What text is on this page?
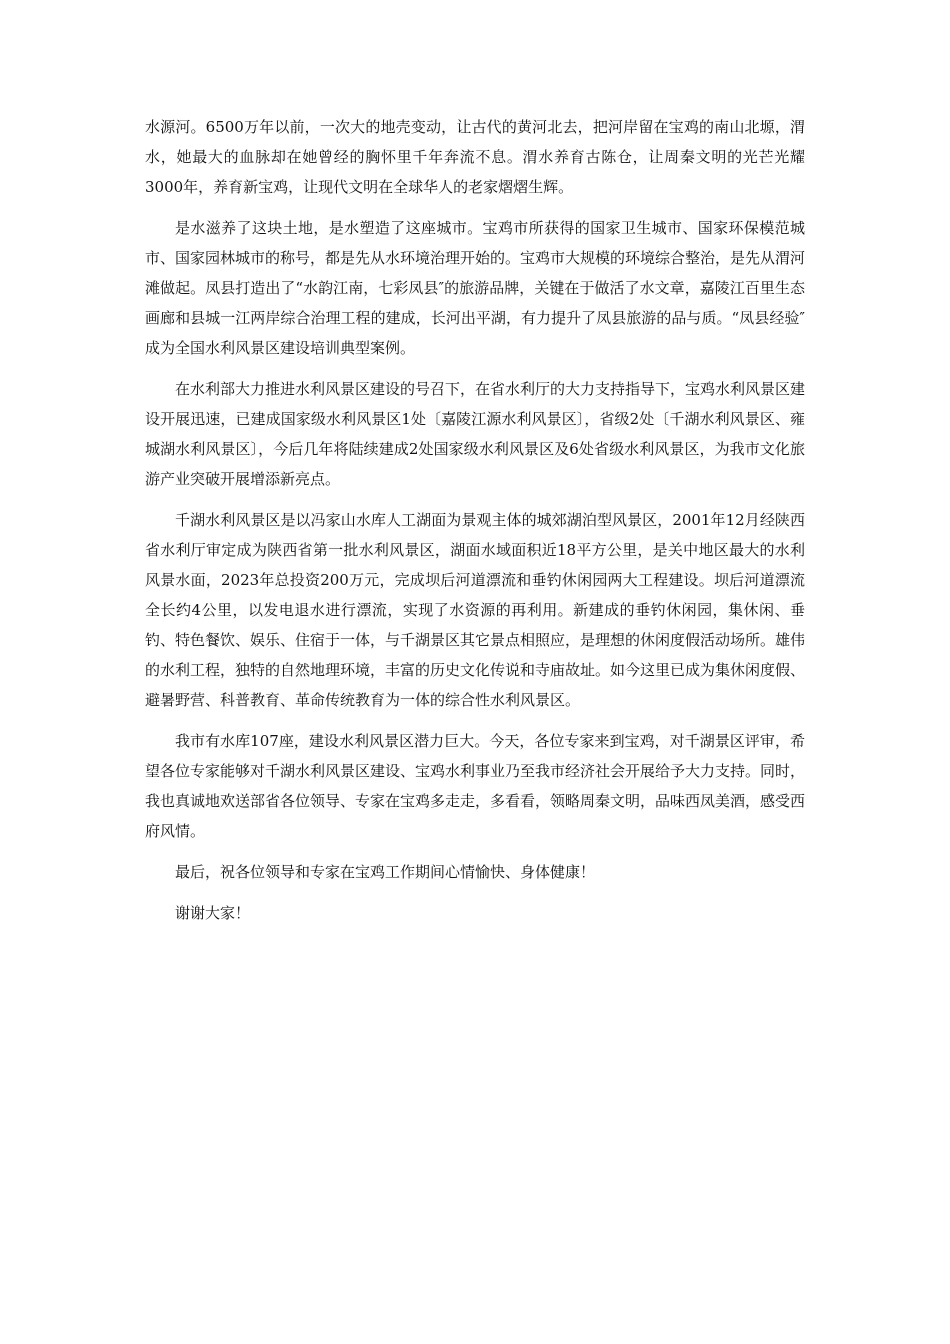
水源河。6500万年以前，一次大的地壳变动，让古代的黄河北去，把河岸留在宝鸡的南山北塬，渭水，她最大的血脉却在她曾经的胸怀里千年奔流不息。渭水养育古陈仓，让周秦文明的光芒光耀3000年，养育新宝鸡，让现代文明在全球华人的老家熠熠生辉。

是水滋养了这块土地，是水塑造了这座城市。宝鸡市所获得的国家卫生城市、国家环保模范城市、国家园林城市的称号，都是先从水环境治理开始的。宝鸡市大规模的环境综合整治，是先从渭河滩做起。凤县打造出了“水韵江南，七彩凤县″的旅游品牌，关键在于做活了水文章，嘉陵江百里生态画廊和县城一江两岸综合治理工程的建成，长河出平湖，有力提升了凤县旅游的品与质。“凤县经验″成为全国水利风景区建设培训典型案例。

在水利部大力推进水利风景区建设的号召下，在省水利厅的大力支持指导下，宝鸡水利风景区建设开展迅速，已建成国家级水利风景区1处〔嘉陵江源水利风景区〕，省级2处〔千湖水利风景区、雍城湖水利风景区〕，今后几年将陆续建成2处国家级水利风景区及6处省级水利风景区，为我市文化旅游产业突破开展增添新亮点。

千湖水利风景区是以冯家山水库人工湖面为景观主体的城郊湖泊型风景区，2001年12月经陕西省水利厅审定成为陕西省第一批水利风景区，湖面水域面积近18平方公里，是关中地区最大的水利风景水面，2023年总投资200万元，完成坝后河道漂流和垂钓休闲园两大工程建设。坝后河道漂流全长约4公里，以发电退水进行漂流，实现了水资源的再利用。新建成的垂钓休闲园，集休闲、垂钓、特色餐饮、娱乐、住宿于一体，与千湖景区其它景点相照应，是理想的休闲度假活动场所。雄伟的水利工程，独特的自然地理环境，丰富的历史文化传说和寺庙故址。如今这里已成为集休闲度假、避暑野营、科普教育、革命传统教育为一体的综合性水利风景区。

我市有水库107座，建设水利风景区潜力巨大。今天，各位专家来到宝鸡，对千湖景区评审，希望各位专家能够对千湖水利风景区建设、宝鸡水利事业乃至我市经济社会开展给予大力支持。同时，我也真诚地欢送部省各位领导、专家在宝鸡多走走，多看看，领略周秦文明，品味西凤美酒，感受西府风情。

最后，祝各位领导和专家在宝鸡工作期间心情愉快、身体健康！

谢谢大家！
